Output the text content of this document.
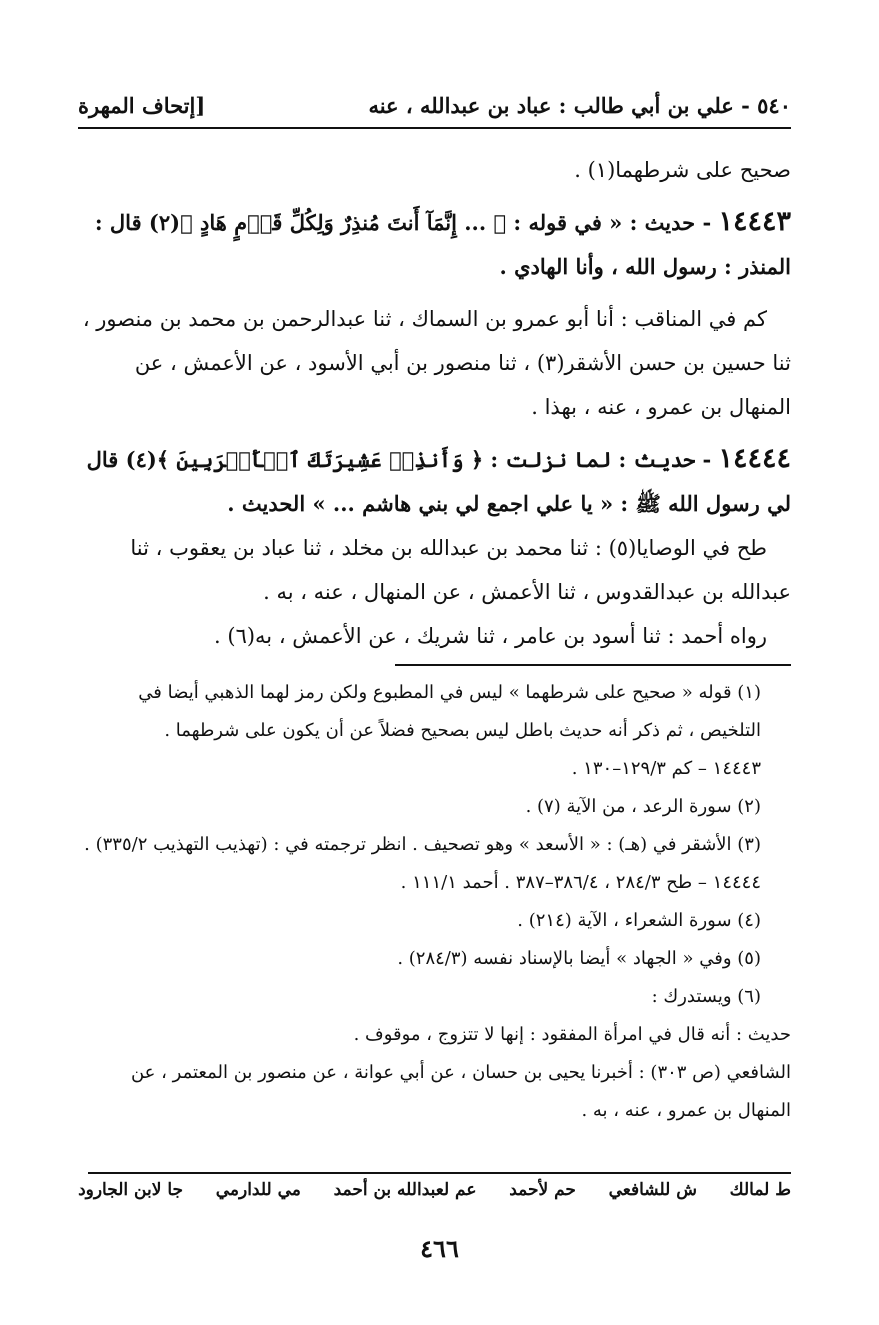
٥٤٠ - علي بن أبي طالب : عباد بن عبدالله ، عنه
[إتحاف المهرة

صحيح على شرطهما(١) .

١٤٤٤٣ - حديث : « في قوله : ﴿ ... إِنَّمَآ أَنتَ مُنذِرٌ وَلِكُلِّ قَوۡمٍ هَادٍ ﴾(٢) قال : المنذر : رسول الله ، وأنا الهادي .

كم في المناقب : أنا أبو عمرو بن السماك ، ثنا عبدالرحمن بن محمد بن منصور ، ثنا حسين بن حسن الأشقر(٣) ، ثنا منصور بن أبي الأسود ، عن الأعمش ، عن المنهال بن عمرو ، عنه ، بهذا .

١٤٤٤٤ - حديث : لما نزلت : ﴿ وَأَنذِرۡ عَشِيرَتَكَ ٱلۡأَقۡرَبِينَ ﴾(٤) قال لي رسول الله ﷺ : « يا علي اجمع لي بني هاشم ... » الحديث .

طح في الوصايا(٥) : ثنا محمد بن عبدالله بن مخلد ، ثنا عباد بن يعقوب ، ثنا عبدالله بن عبدالقدوس ، ثنا الأعمش ، عن المنهال ، عنه ، به .

رواه أحمد : ثنا أسود بن عامر ، ثنا شريك ، عن الأعمش ، به(٦) .

(١) قوله « صحيح على شرطهما » ليس في المطبوع ولكن رمز لهما الذهبي أيضا في التلخيص ، ثم ذكر أنه حديث باطل ليس بصحيح فضلاً عن أن يكون على شرطهما .

١٤٤٤٣ – كم ١٢٩/٣–١٣٠ .

(٢) سورة الرعد ، من الآية (٧) .

(٣) الأشقر في (هـ) : « الأسعد » وهو تصحيف . انظر ترجمته في : (تهذيب التهذيب ٣٣٥/٢) .

١٤٤٤٤ – طح ٢٨٤/٣ ، ٣٨٦/٤–٣٨٧ . أحمد ١١١/١ .

(٤) سورة الشعراء ، الآية (٢١٤) .

(٥) وفي « الجهاد » أيضا بالإسناد نفسه (٢٨٤/٣) .

(٦) ويستدرك :

حديث : أنه قال في امرأة المفقود : إنها لا تتزوج ، موقوف .

الشافعي (ص ٣٠٣) : أخبرنا يحيى بن حسان ، عن أبي عوانة ، عن منصور بن المعتمر ، عن المنهال بن عمرو ، عنه ، به .

ط لمالك
ش للشافعي
حم لأحمد
عم لعبدالله بن أحمد
مي للدارمي
جا لابن الجارود
٤٦٦
